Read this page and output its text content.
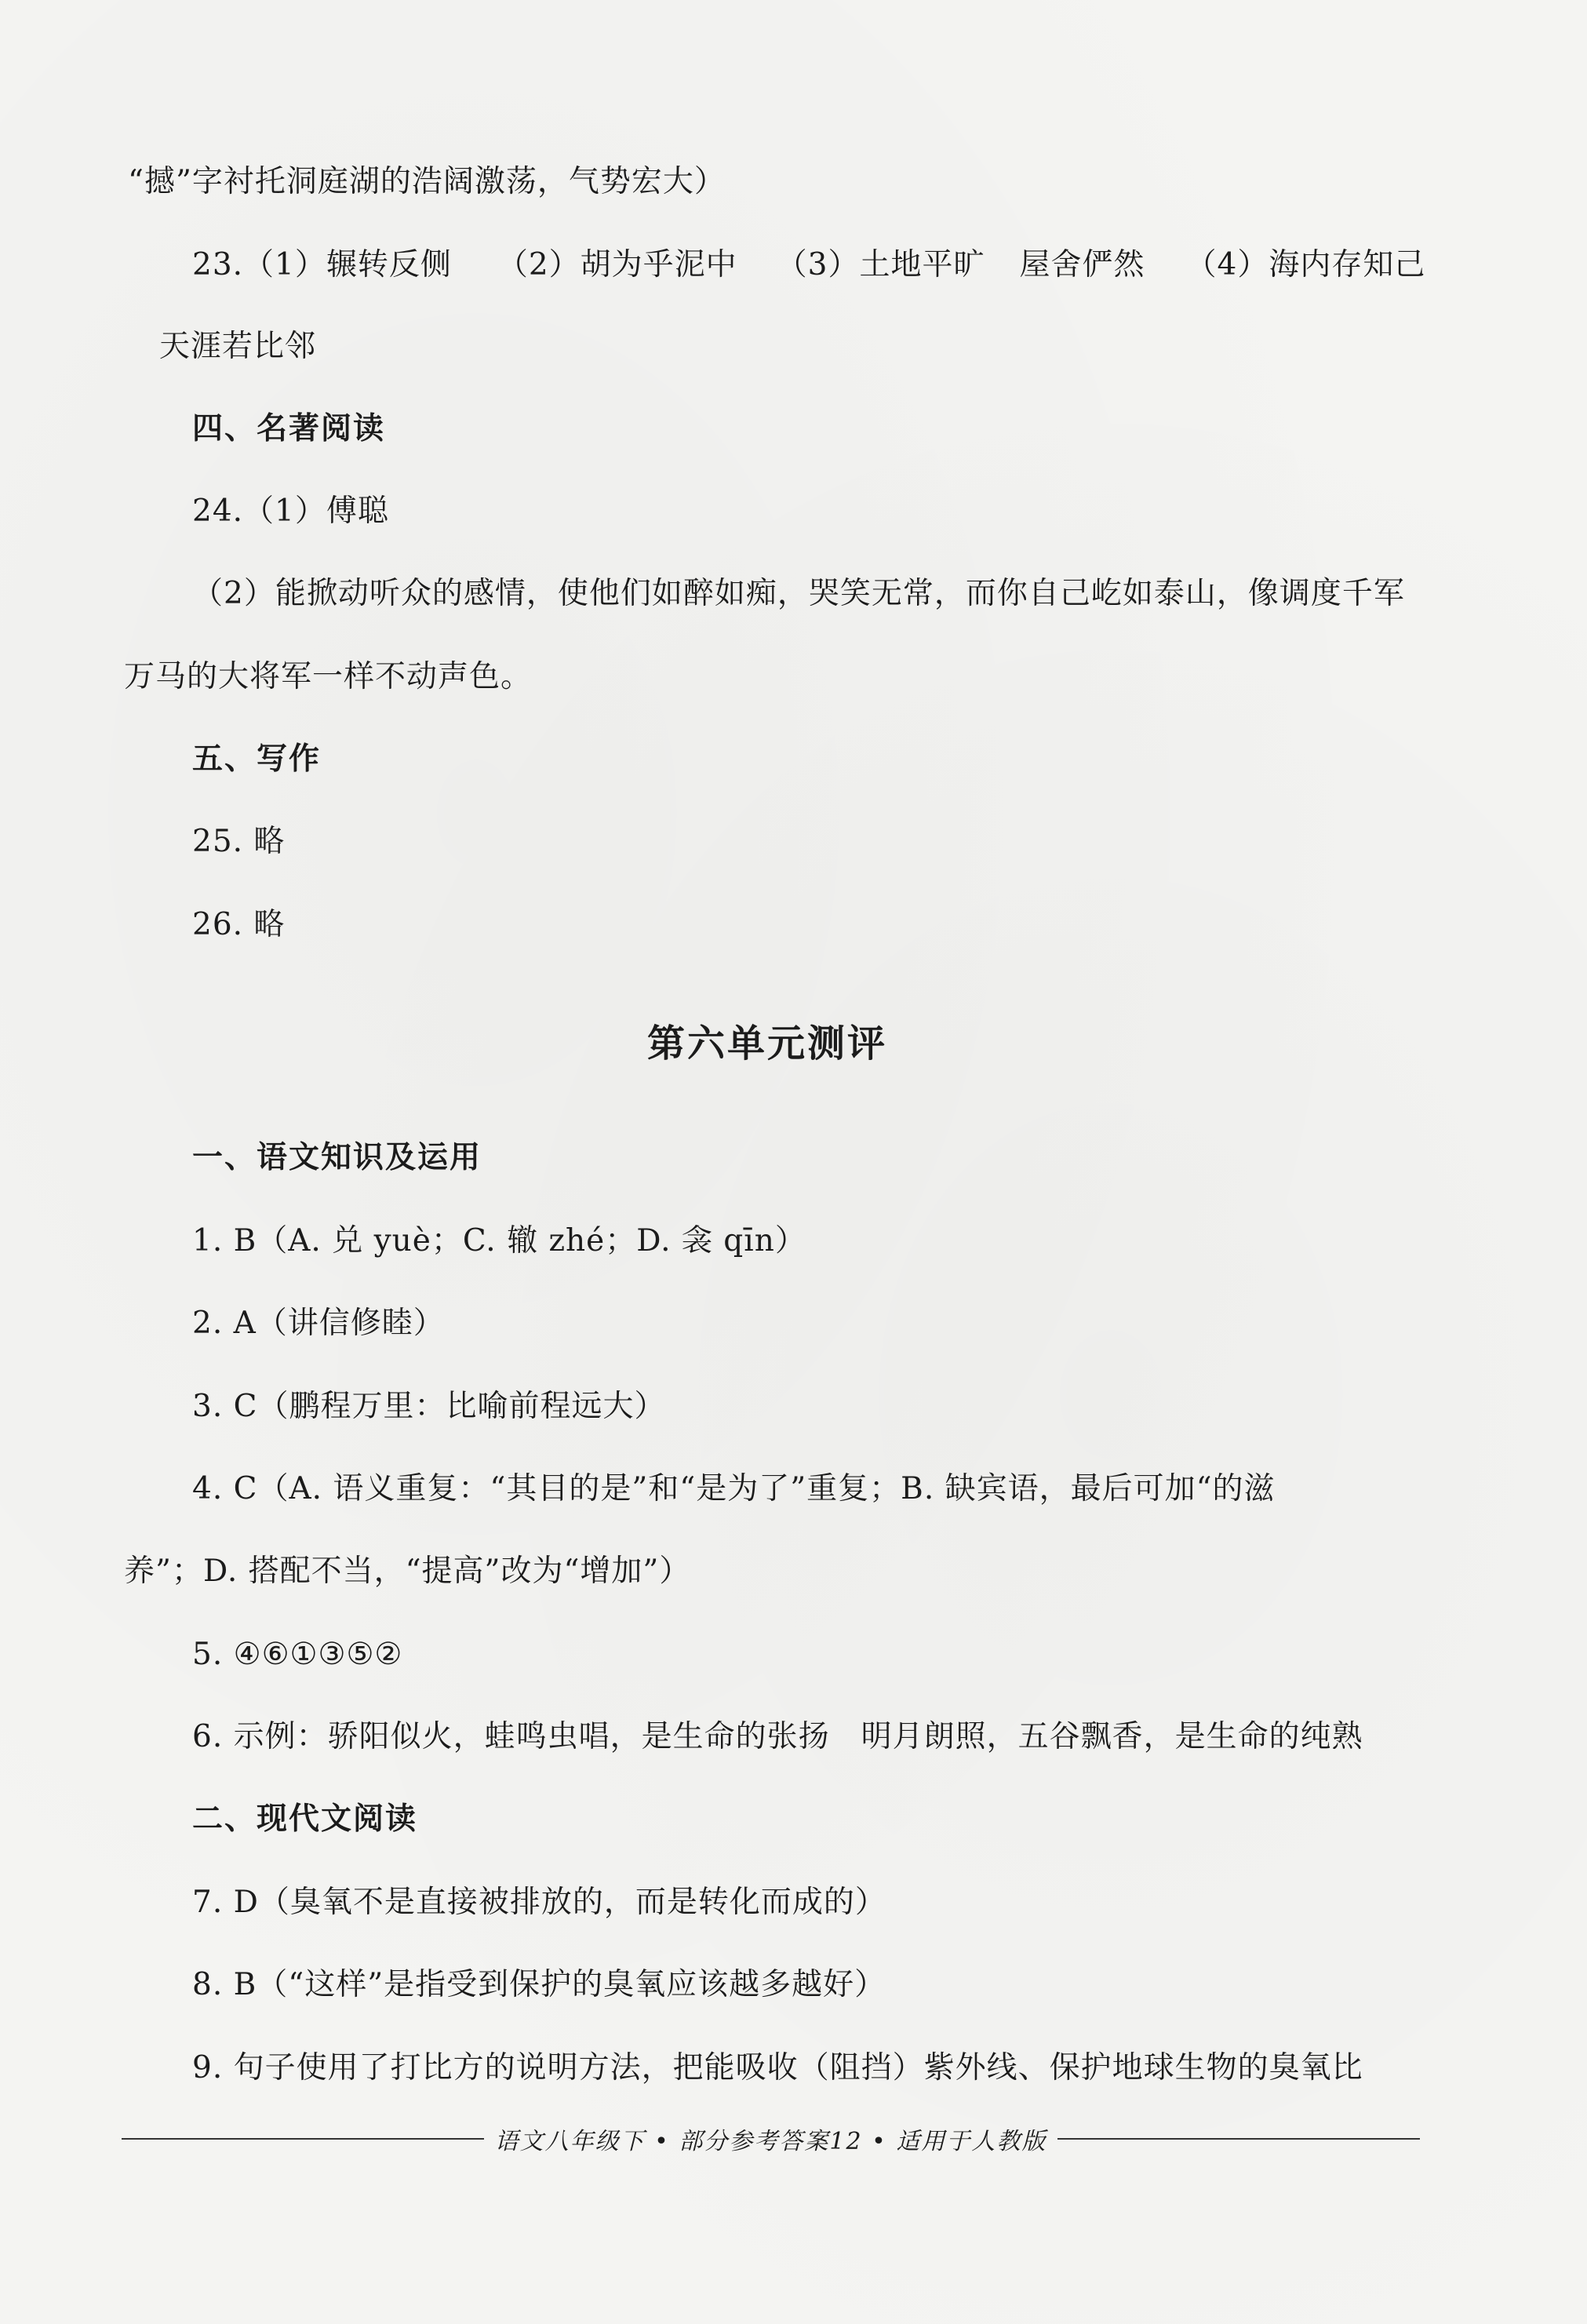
“撼”字衬托洞庭湖的浩阔激荡，气势宏大）
23.（1）辗转反侧 （2）胡为乎泥中 （3）土地平旷 屋舍俨然 （4）海内存知己
天涯若比邻
四、名著阅读
24.（1）傅聪
（2）能掀动听众的感情，使他们如醉如痴，哭笑无常，而你自己屹如泰山，像调度千军
万马的大将军一样不动声色。
五、写作
25. 略
26. 略
第六单元测评
一、语文知识及运用
1. B（A. 兑 yuè；C. 辙 zhé；D. 衾 qīn）
2. A（讲信修睦）
3. C（鹏程万里：比喻前程远大）
4. C（A. 语义重复：“其目的是”和“是为了”重复；B. 缺宾语，最后可加“的滋
养”；D. 搭配不当，“提高”改为“增加”）
5. ④⑥①③⑤②
6. 示例：骄阳似火，蛙鸣虫唱，是生命的张扬 明月朗照，五谷飘香，是生命的纯熟
二、现代文阅读
7. D（臭氧不是直接被排放的，而是转化而成的）
8. B（“这样”是指受到保护的臭氧应该越多越好）
9. 句子使用了打比方的说明方法，把能吸收（阻挡）紫外线、保护地球生物的臭氧比
语文八年级下 • 部分参考答案12 • 适用于人教版
